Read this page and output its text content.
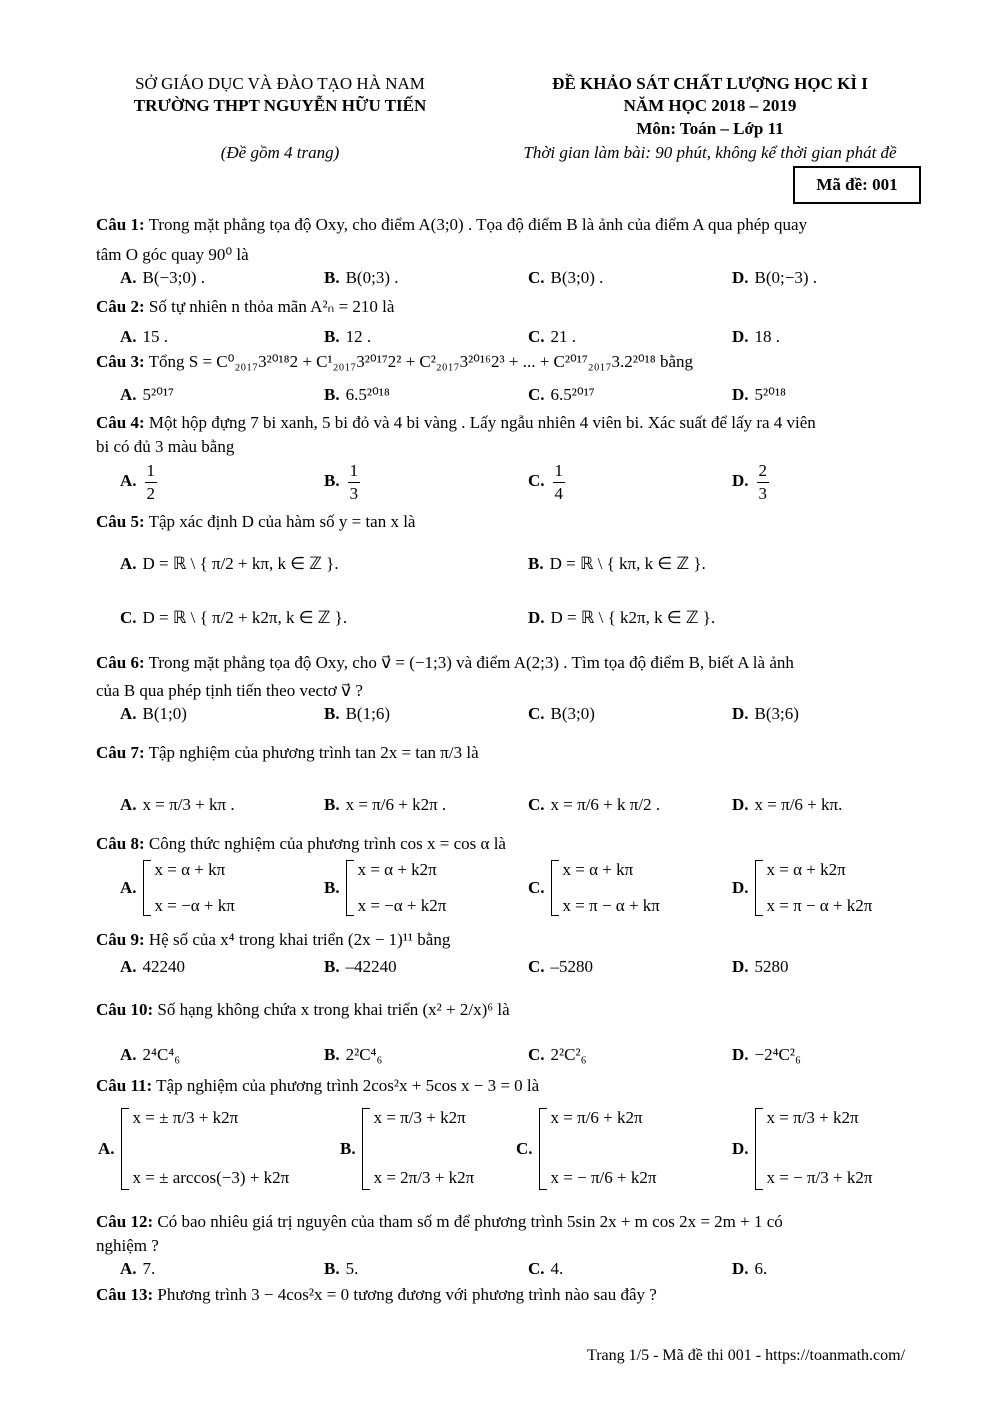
SỞ GIÁO DỤC VÀ ĐÀO TẠO HÀ NAM
TRƯỜNG THPT NGUYỄN HỮU TIẾN
(Đề gồm 4 trang)
ĐỀ KHẢO SÁT CHẤT LƯỢNG HỌC KÌ I
NĂM HỌC 2018 – 2019
Môn: Toán – Lớp 11
Thời gian làm bài: 90 phút, không kể thời gian phát đề
Mã đề: 001
Câu 1: Trong mặt phẳng tọa độ Oxy, cho điểm A(3;0) . Tọa độ điểm B là ảnh của điểm A qua phép quay
tâm O góc quay 90⁰ là
A. B(−3;0) .	B. B(0;3) .	C. B(3;0) .	D. B(0;−3) .
Câu 2: Số tự nhiên n thỏa mãn A²ₙ = 210 là
A. 15 .	B. 12 .	C. 21 .	D. 18 .
Câu 3: Tổng S = C⁰₂₀₁₇3²⁰¹⁸2 + C¹₂₀₁₇3²⁰¹⁷2² + C²₂₀₁₇3²⁰¹⁶2³ + ... + C²⁰¹⁷₂₀₁₇3.2²⁰¹⁸ bằng
A. 5²⁰¹⁷	B. 6.5²⁰¹⁸	C. 6.5²⁰¹⁷	D. 5²⁰¹⁸
Câu 4: Một hộp đựng 7 bi xanh, 5 bi đỏ và 4 bi vàng . Lấy ngẫu nhiên 4 viên bi. Xác suất để lấy ra 4 viên
bi có đủ 3 màu bằng
A. $\frac{1}{2}$	B. $\frac{1}{3}$	C. $\frac{1}{4}$	D. $\frac{2}{3}$
Câu 5: Tập xác định D của hàm số y = tan x là
A. D = ℝ \ { π/2 + kπ, k ∈ ℤ }.	B. D = ℝ \ { kπ, k ∈ ℤ }.
C. D = ℝ \ { π/2 + k2π, k ∈ ℤ }.	D. D = ℝ \ { k2π, k ∈ ℤ }.
Câu 6: Trong mặt phẳng tọa độ Oxy, cho v⃗ = (−1;3) và điểm A(2;3) . Tìm tọa độ điểm B, biết A là ảnh
của B qua phép tịnh tiến theo vectơ v⃗ ?
A. B(1;0)	B. B(1;6)	C. B(3;0)	D. B(3;6)
Câu 7: Tập nghiệm của phương trình tan 2x = tan π/3 là
A. x = π/3 + kπ .	B. x = π/6 + k2π .	C. x = π/6 + k π/2 .	D. x = π/6 + kπ.
Câu 8: Công thức nghiệm của phương trình cos x = cos α là
A.
x = α + kπ
x = −α + kπ
B.
x = α + k2π
x = −α + k2π
C.
x = α + kπ
x = π − α + kπ
D.
x = α + k2π
x = π − α + k2π
Câu 9: Hệ số của x⁴ trong khai triển (2x − 1)¹¹ bằng
A. 42240	B. –42240	C. –5280	D. 5280
Câu 10: Số hạng không chứa x trong khai triển (x² + 2/x)⁶ là
A. 2⁴C⁴₆	B. 2²C⁴₆	C. 2²C²₆	D. −2⁴C²₆
Câu 11: Tập nghiệm của phương trình 2cos²x + 5cos x − 3 = 0 là
A.
x = ± π/3 + k2π
x = ± arccos(−3) + k2π
B.
x = π/3 + k2π
x = 2π/3 + k2π
C.
x = π/6 + k2π
x = − π/6 + k2π
D.
x = π/3 + k2π
x = − π/3 + k2π
Câu 12: Có bao nhiêu giá trị nguyên của tham số m để phương trình 5sin 2x + m cos 2x = 2m + 1 có
nghiệm ?
A. 7.	B. 5.	C. 4.	D. 6.
Câu 13: Phương trình 3 − 4cos²x = 0 tương đương với phương trình nào sau đây ?
Trang 1/5 - Mã đề thi 001 - https://toanmath.com/
